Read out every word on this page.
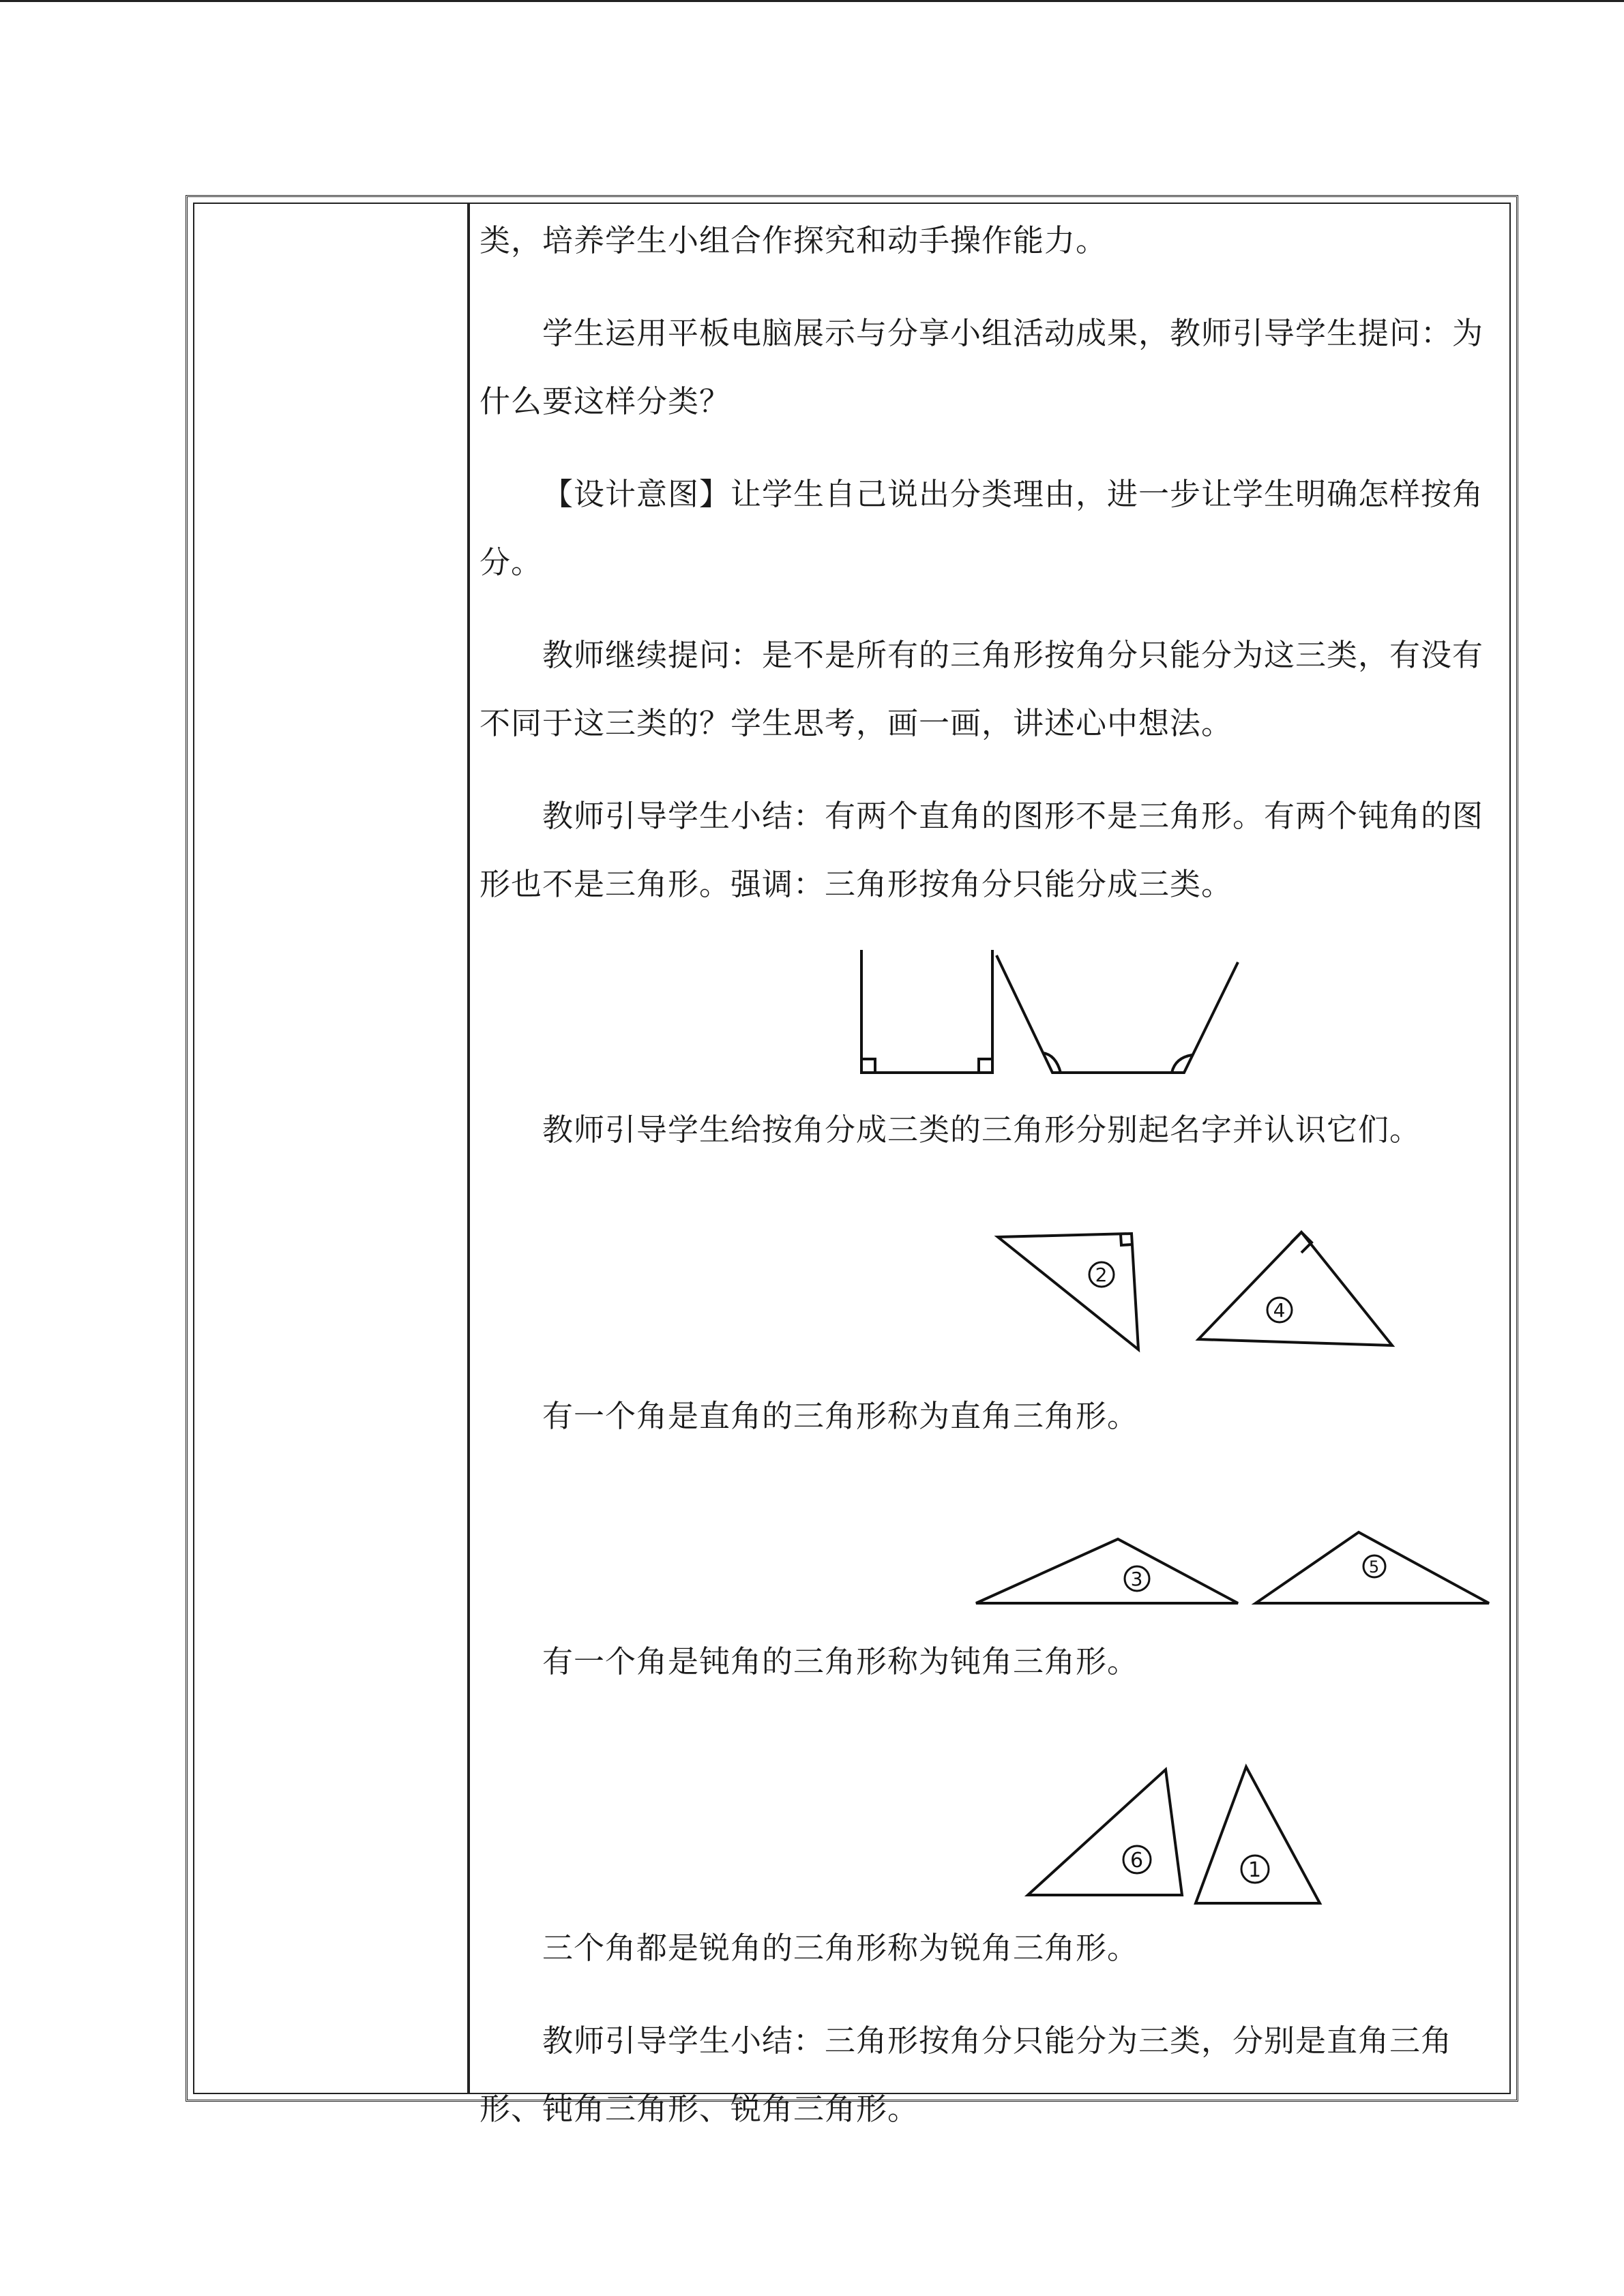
类，培养学生小组合作探究和动手操作能力。

学生运用平板电脑展示与分享小组活动成果，教师引导学生提问：为什么要这样分类？

【设计意图】让学生自己说出分类理由，进一步让学生明确怎样按角分。

教师继续提问：是不是所有的三角形按角分只能分为这三类，有没有不同于这三类的？学生思考，画一画，讲述心中想法。

教师引导学生小结：有两个直角的图形不是三角形。有两个钝角的图形也不是三角形。强调：三角形按角分只能分成三类。

教师引导学生给按角分成三类的三角形分别起名字并认识它们。

2
4

有一个角是直角的三角形称为直角三角形。

3
5

有一个角是钝角的三角形称为钝角三角形。

6	1

三个角都是锐角的三角形称为锐角三角形。

教师引导学生小结：三角形按角分只能分为三类，分别是直角三角形、钝角三角形、锐角三角形。
